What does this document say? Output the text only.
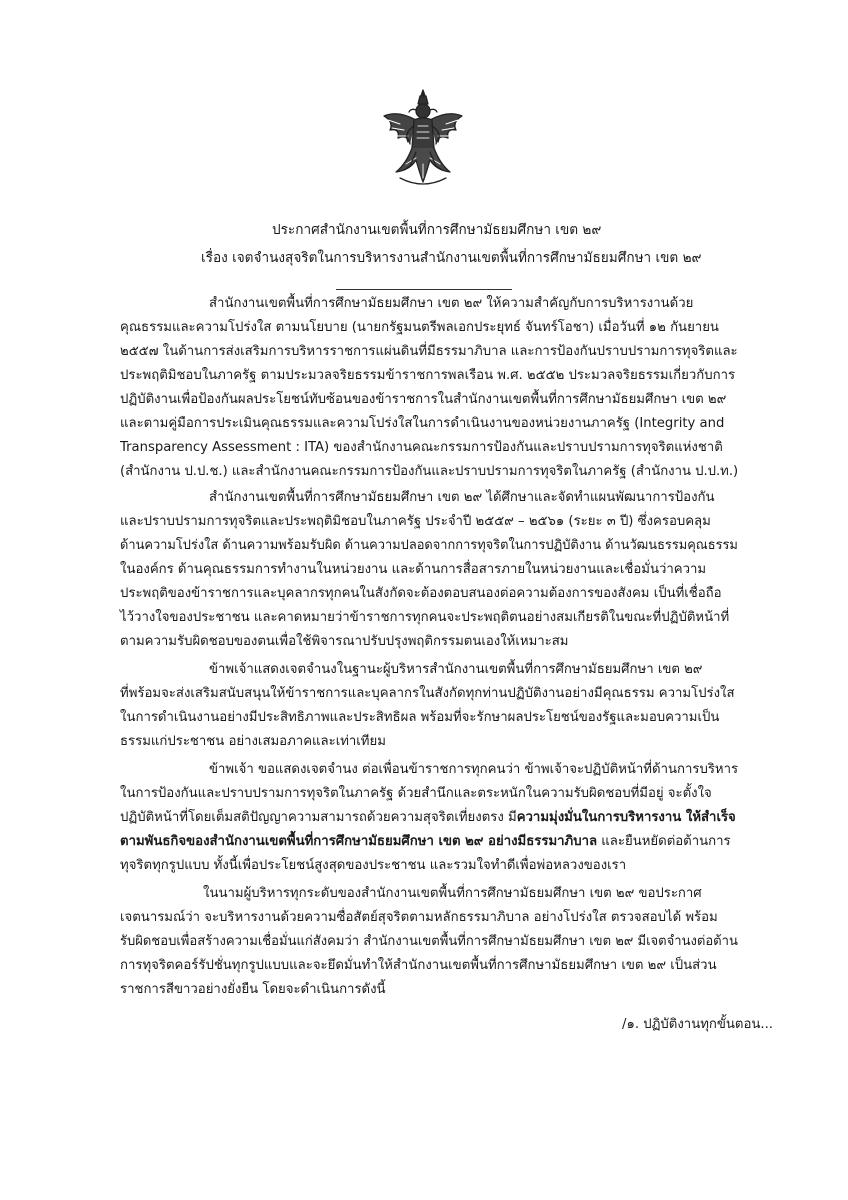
ประกาศสำนักงานเขตพื้นที่การศึกษามัธยมศึกษา เขต ๒๙
เรื่อง เจตจำนงสุจริตในการบริหารงานสำนักงานเขตพื้นที่การศึกษามัธยมศึกษา เขต ๒๙
สำนักงานเขตพื้นที่การศึกษามัธยมศึกษา เขต ๒๙ ให้ความสำคัญกับการบริหารงานด้วย
คุณธรรมและความโปร่งใส ตามนโยบาย (นายกรัฐมนตรีพลเอกประยุทธ์ จันทร์โอชา) เมื่อวันที่ ๑๒ กันยายน
๒๕๕๗ ในด้านการส่งเสริมการบริหารราชการแผ่นดินที่มีธรรมาภิบาล และการป้องกันปราบปรามการทุจริตและ
ประพฤติมิชอบในภาครัฐ ตามประมวลจริยธรรมข้าราชการพลเรือน พ.ศ. ๒๕๕๒ ประมวลจริยธรรมเกี่ยวกับการ
ปฏิบัติงานเพื่อป้องกันผลประโยชน์ทับซ้อนของข้าราชการในสำนักงานเขตพื้นที่การศึกษามัธยมศึกษา เขต ๒๙
และตามคู่มือการประเมินคุณธรรมและความโปร่งใสในการดำเนินงานของหน่วยงานภาครัฐ (Integrity and
Transparency Assessment : ITA) ของสำนักงานคณะกรรมการป้องกันและปราบปรามการทุจริตแห่งชาติ
(สำนักงาน ป.ป.ช.) และสำนักงานคณะกรรมการป้องกันและปราบปรามการทุจริตในภาครัฐ (สำนักงาน ป.ป.ท.)
สำนักงานเขตพื้นที่การศึกษามัธยมศึกษา เขต ๒๙ ได้ศึกษาและจัดทำแผนพัฒนาการป้องกัน
และปราบปรามการทุจริตและประพฤติมิชอบในภาครัฐ ประจำปี ๒๕๕๙ – ๒๕๖๑ (ระยะ ๓ ปี) ซึ่งครอบคลุม
ด้านความโปร่งใส ด้านความพร้อมรับผิด ด้านความปลอดจากการทุจริตในการปฏิบัติงาน ด้านวัฒนธรรมคุณธรรม
ในองค์กร ด้านคุณธรรมการทำงานในหน่วยงาน และด้านการสื่อสารภายในหน่วยงานและเชื่อมั่นว่าความ
ประพฤติของข้าราชการและบุคลากรทุกคนในสังกัดจะต้องตอบสนองต่อความต้องการของสังคม เป็นที่เชื่อถือ
ไว้วางใจของประชาชน และคาดหมายว่าข้าราชการทุกคนจะประพฤติตนอย่างสมเกียรติในขณะที่ปฏิบัติหน้าที่
ตามความรับผิดชอบของตนเพื่อใช้พิจารณาปรับปรุงพฤติกรรมตนเองให้เหมาะสม
ข้าพเจ้าแสดงเจตจำนงในฐานะผู้บริหารสำนักงานเขตพื้นที่การศึกษามัธยมศึกษา เขต ๒๙
ที่พร้อมจะส่งเสริมสนับสนุนให้ข้าราชการและบุคลากรในสังกัดทุกท่านปฏิบัติงานอย่างมีคุณธรรม ความโปร่งใส
ในการดำเนินงานอย่างมีประสิทธิภาพและประสิทธิผล พร้อมที่จะรักษาผลประโยชน์ของรัฐและมอบความเป็น
ธรรมแก่ประชาชน อย่างเสมอภาคและเท่าเทียม
ข้าพเจ้า ขอแสดงเจตจำนง ต่อเพื่อนข้าราชการทุกคนว่า ข้าพเจ้าจะปฏิบัติหน้าที่ด้านการบริหาร
ในการป้องกันและปราบปรามการทุจริตในภาครัฐ ด้วยสำนึกและตระหนักในความรับผิดชอบที่มีอยู่ จะตั้งใจ
ปฏิบัติหน้าที่โดยเต็มสติปัญญาความสามารถด้วยความสุจริตเที่ยงตรง มีความมุ่งมั่นในการบริหารงาน ให้สำเร็จ
ตามพันธกิจของสำนักงานเขตพื้นที่การศึกษามัธยมศึกษา เขต ๒๙ อย่างมีธรรมาภิบาล และยืนหยัดต่อต้านการ
ทุจริตทุกรูปแบบ ทั้งนี้เพื่อประโยชน์สูงสุดของประชาชน และรวมใจทำดีเพื่อพ่อหลวงของเรา
ในนามผู้บริหารทุกระดับของสำนักงานเขตพื้นที่การศึกษามัธยมศึกษา เขต ๒๙ ขอประกาศ
เจตนารมณ์ว่า จะบริหารงานด้วยความซื่อสัตย์สุจริตตามหลักธรรมาภิบาล อย่างโปร่งใส ตรวจสอบได้ พร้อม
รับผิดชอบเพื่อสร้างความเชื่อมั่นแก่สังคมว่า สำนักงานเขตพื้นที่การศึกษามัธยมศึกษา เขต ๒๙ มีเจตจำนงต่อต้าน
การทุจริตคอร์รัปชั่นทุกรูปแบบและจะยึดมั่นทำให้สำนักงานเขตพื้นที่การศึกษามัธยมศึกษา เขต ๒๙ เป็นส่วน
ราชการสีขาวอย่างยั่งยืน โดยจะดำเนินการดังนี้
/๑. ปฏิบัติงานทุกขั้นตอน...
